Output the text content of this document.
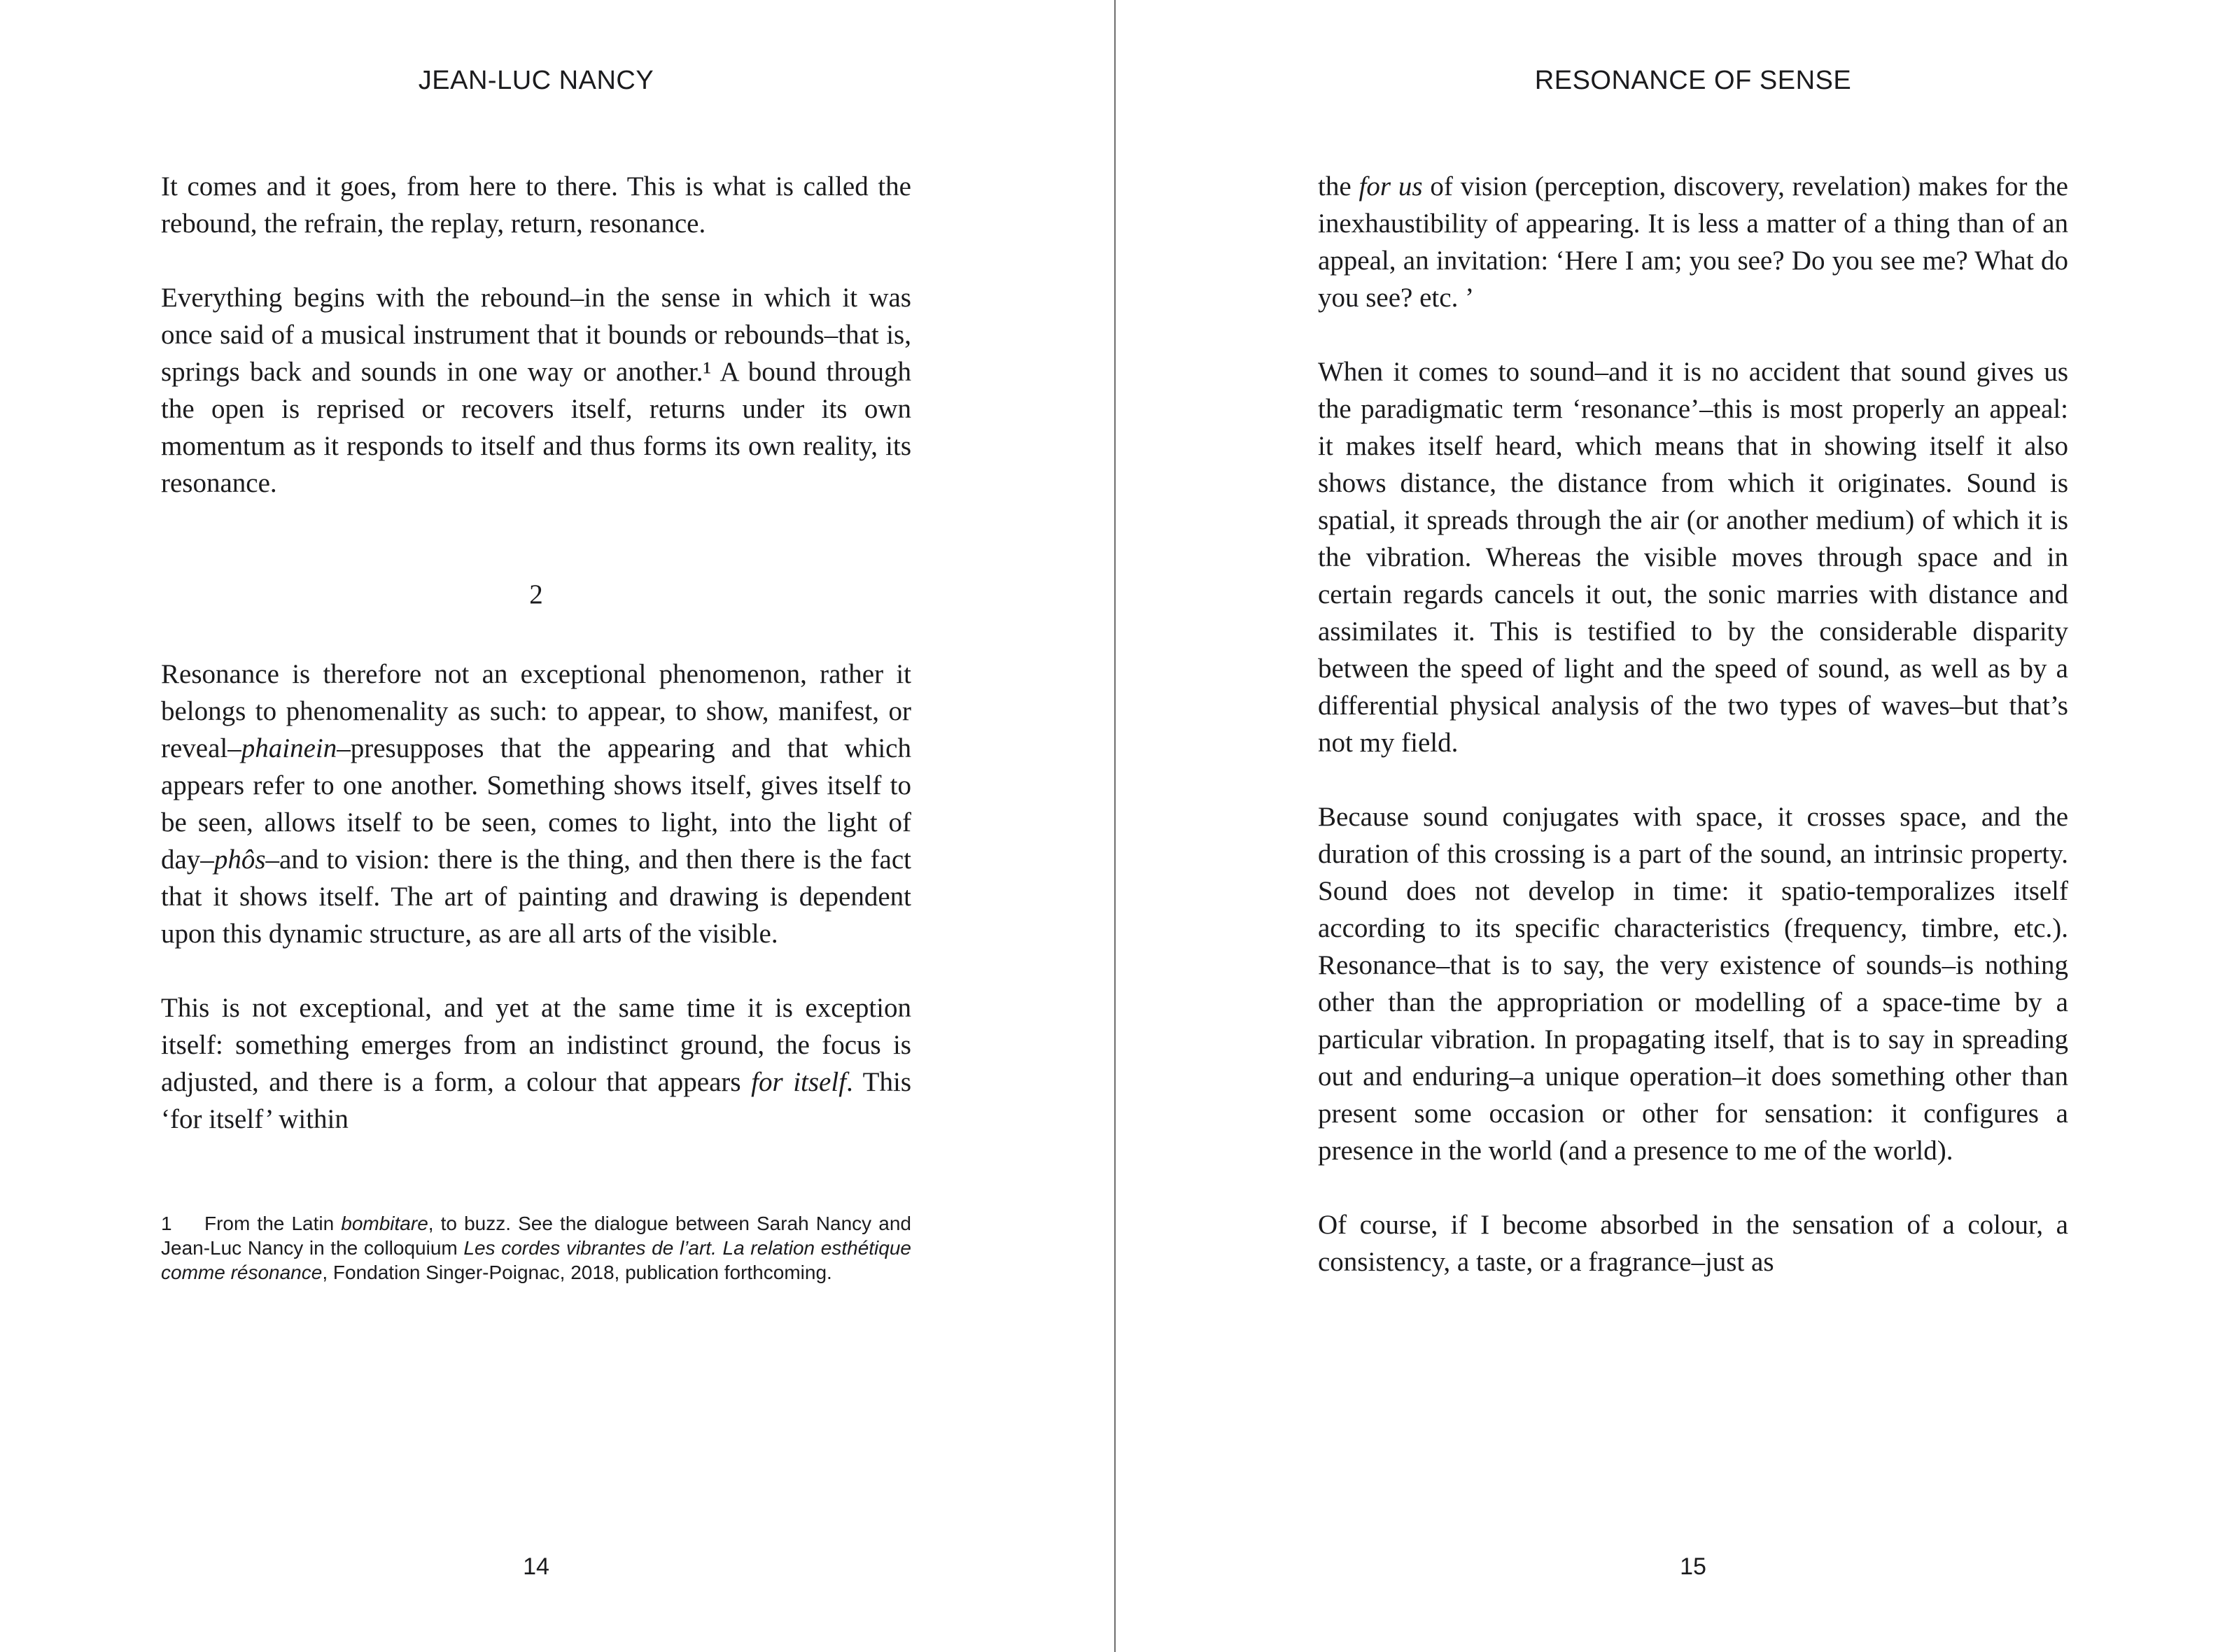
JEAN-LUC NANCY

It comes and it goes, from here to there. This is what is called the rebound, the refrain, the replay, return, resonance.

Everything begins with the rebound–in the sense in which it was once said of a musical instrument that it bounds or rebounds–that is, springs back and sounds in one way or another.¹ A bound through the open is reprised or recovers itself, returns under its own momentum as it responds to itself and thus forms its own reality, its resonance.

2

Resonance is therefore not an exceptional phenomenon, rather it belongs to phenomenality as such: to appear, to show, manifest, or reveal–phainein–presupposes that the appearing and that which appears refer to one another. Something shows itself, gives itself to be seen, allows itself to be seen, comes to light, into the light of day–phôs–and to vision: there is the thing, and then there is the fact that it shows itself. The art of painting and drawing is dependent upon this dynamic structure, as are all arts of the visible.

This is not exceptional, and yet at the same time it is exception itself: something emerges from an indistinct ground, the focus is adjusted, and there is a form, a colour that appears for itself. This ‘for itself’ within

1 From the Latin bombitare, to buzz. See the dialogue between Sarah Nancy and Jean-Luc Nancy in the colloquium Les cordes vibrantes de l’art. La relation esthétique comme résonance, Fondation Singer-Poignac, 2018, publication forthcoming.
14
RESONANCE OF SENSE

the for us of vision (perception, discovery, revelation) makes for the inexhaustibility of appearing. It is less a matter of a thing than of an appeal, an invitation: ‘Here I am; you see? Do you see me? What do you see? etc. ’

When it comes to sound–and it is no accident that sound gives us the paradigmatic term ‘resonance’–this is most properly an appeal: it makes itself heard, which means that in showing itself it also shows distance, the distance from which it originates. Sound is spatial, it spreads through the air (or another medium) of which it is the vibration. Whereas the visible moves through space and in certain regards cancels it out, the sonic marries with distance and assimilates it. This is testified to by the considerable disparity between the speed of light and the speed of sound, as well as by a differential physical analysis of the two types of waves–but that’s not my field.

Because sound conjugates with space, it crosses space, and the duration of this crossing is a part of the sound, an intrinsic property. Sound does not develop in time: it spatio-temporalizes itself according to its specific characteristics (frequency, timbre, etc.). Resonance–that is to say, the very existence of sounds–is nothing other than the appropriation or modelling of a space-time by a particular vibration. In propagating itself, that is to say in spreading out and enduring–a unique operation–it does something other than present some occasion or other for sensation: it configures a presence in the world (and a presence to me of the world).

Of course, if I become absorbed in the sensation of a colour, a consistency, a taste, or a fragrance–just as

15
